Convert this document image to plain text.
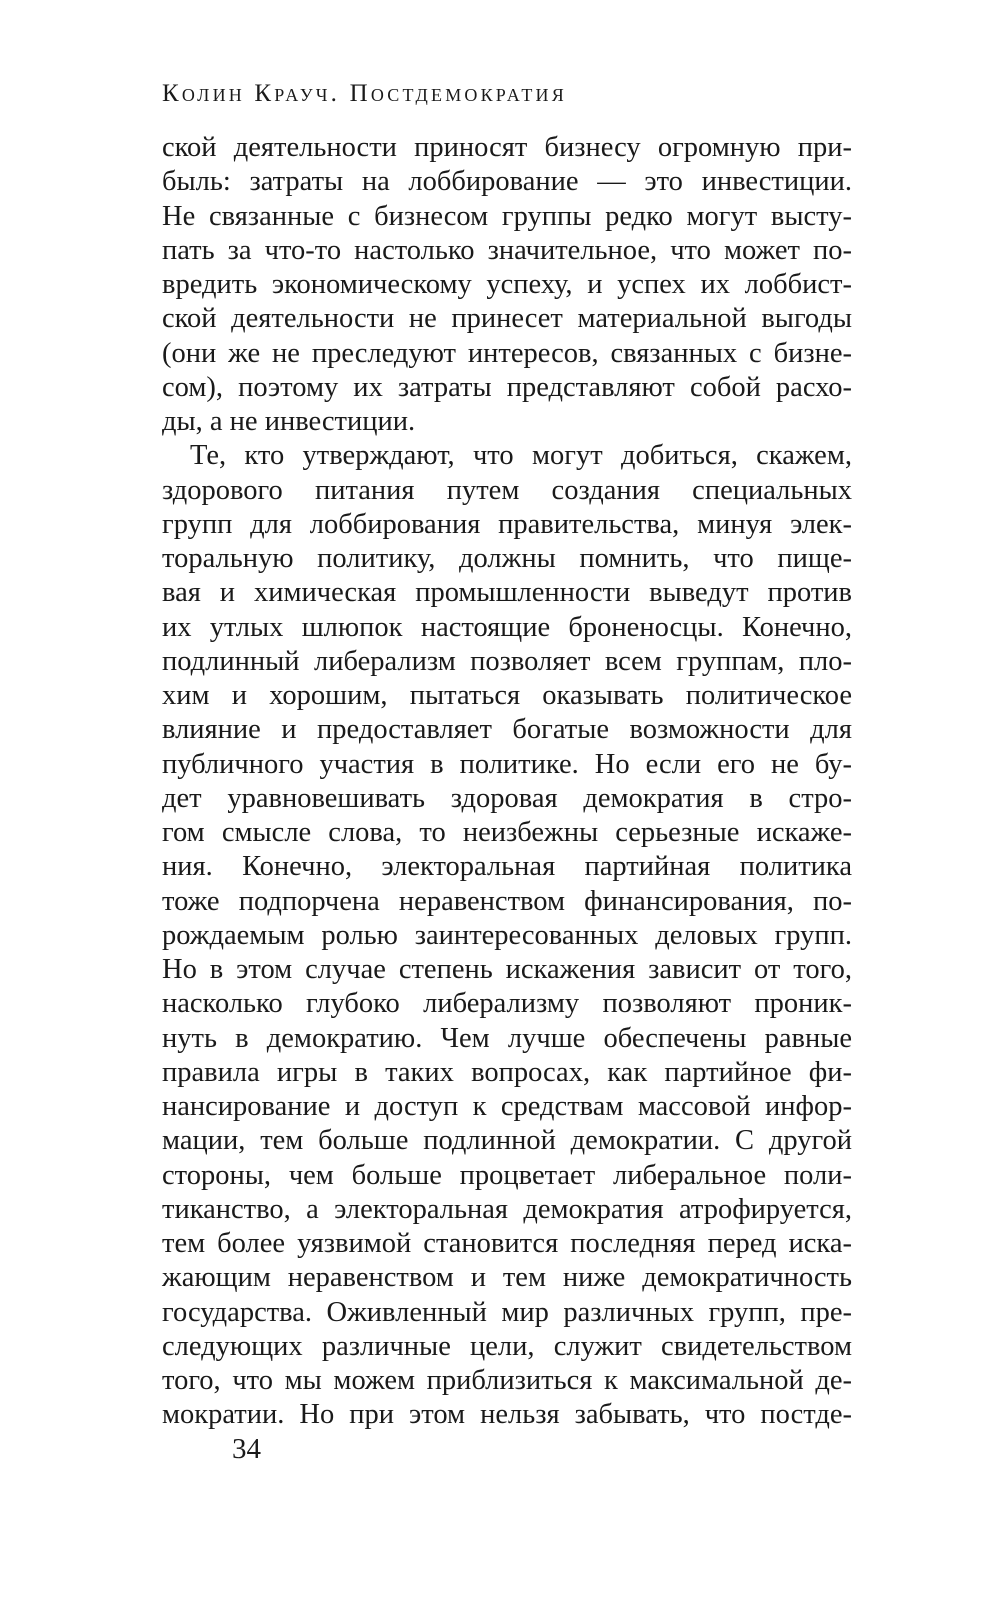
Колин Крауч. Постдемократия
ской деятельности приносят бизнесу огромную при-
быль: затраты на лоббирование — это инвестиции.
Не связанные с бизнесом группы редко могут высту-
пать за что-то настолько значительное, что может по-
вредить экономическому успеху, и успех их лоббист-
ской деятельности не принесет материальной выгоды
(они же не преследуют интересов, связанных с бизне-
сом), поэтому их затраты представляют собой расхо-
ды, а не инвестиции.
Те, кто утверждают, что могут добиться, скажем,
здорового питания путем создания специальных
групп для лоббирования правительства, минуя элек-
торальную политику, должны помнить, что пище-
вая и химическая промышленности выведут против
их утлых шлюпок настоящие броненосцы. Конечно,
подлинный либерализм позволяет всем группам, пло-
хим и хорошим, пытаться оказывать политическое
влияние и предоставляет богатые возможности для
публичного участия в политике. Но если его не бу-
дет уравновешивать здоровая демократия в стро-
гом смысле слова, то неизбежны серьезные искаже-
ния. Конечно, электоральная партийная политика
тоже подпорчена неравенством финансирования, по-
рождаемым ролью заинтересованных деловых групп.
Но в этом случае степень искажения зависит от того,
насколько глубоко либерализму позволяют проник-
нуть в демократию. Чем лучше обеспечены равные
правила игры в таких вопросах, как партийное фи-
нансирование и доступ к средствам массовой инфор-
мации, тем больше подлинной демократии. С другой
стороны, чем больше процветает либеральное поли-
тиканство, а электоральная демократия атрофируется,
тем более уязвимой становится последняя перед иска-
жающим неравенством и тем ниже демократичность
государства. Оживленный мир различных групп, пре-
следующих различные цели, служит свидетельством
того, что мы можем приблизиться к максимальной де-
мократии. Но при этом нельзя забывать, что постде-
34
